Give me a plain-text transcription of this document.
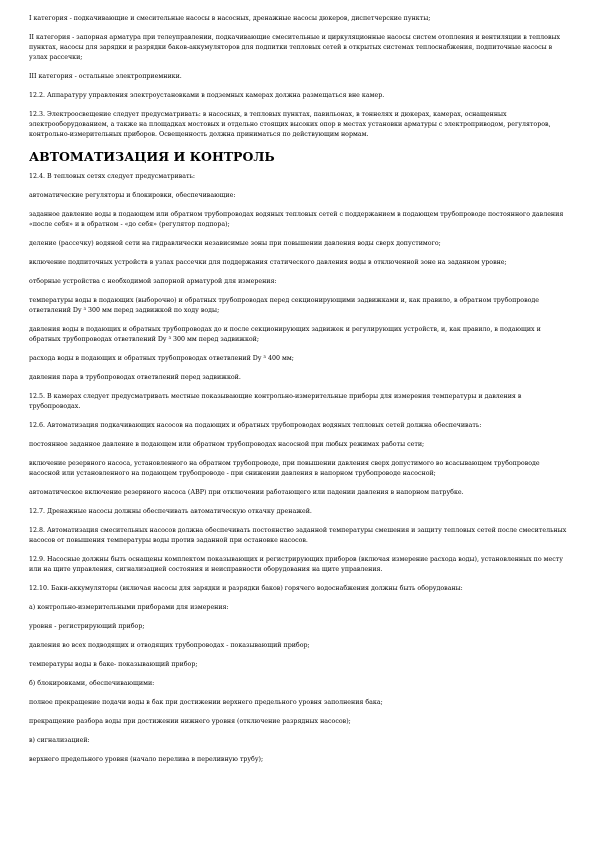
I категория - подкачивающие и смесительные насосы в насосных, дренажные насосы дюкеров, диспетчерские пункты;

II категория - запорная арматура при телеуправлении, подкачивающие смесительные и циркуляционные насосы систем отопления и вентиляции в тепловых пунктах, насосы для зарядки и разрядки баков-аккумуляторов для подпитки тепловых сетей в открытых системах теплоснабжения, подпиточные насосы в узлах рассечки;

III категория - остальные электроприемники.

12.2. Аппаратуру управления электроустановками в подземных камерах должна размещаться вне камер.

12.3. Электроосвещение следует предусматривать: в насосных, в тепловых пунктах, павильонах, в тоннелях и дюкерах, камерах, оснащенных электрооборудованием, а также на площадках мостовых и отдельно стоящих высоких опор в местах установки арматуры с электроприводом, регуляторов, контрольно-измерительных приборов. Освещенность должна приниматься по действующим нормам.

АВТОМАТИЗАЦИЯ И КОНТРОЛЬ

12.4. В тепловых сетях следует предусматривать:

автоматические регуляторы и блокировки, обеспечивающие:

заданное давление воды в подающем или обратном трубопроводах водяных тепловых сетей с поддержанием в подающем трубопроводе постоянного давления «после себя» и в обратном - «до себя» (регулятор подпора);

деление (рассечку) водяной сети на гидравлически независимые зоны при повышении давления воды сверх допустимого;

включение подпиточных устройств в узлах рассечки для поддержания статического давления воды в отключенной зоне на заданном уровне;

отборные устройства с необходимой запорной арматурой для измерения:

температуры воды в подающих (выборочно) и обратных трубопроводах перед секционирующими задвижками и, как правило, в обратном трубопроводе ответвлений Dy ³ 300 мм перед задвижкой по ходу воды;

давления воды в подающих и обратных трубопроводах до и после секционирующих задвижек и регулирующих устройств, и, как правило, в подающих и обратных трубопроводах ответвлений Dy ³ 300 мм перед задвижкой;

расхода воды в подающих и обратных трубопроводах ответвлений Dy ³ 400 мм;

давления пара в трубопроводах ответвлений перед задвижкой.

12.5. В камерах следует предусматривать местные показывающие контрольно-измерительные приборы для измерения температуры и давления в трубопроводах.

12.6. Автоматизация подкачивающих насосов на подающих и обратных трубопроводах водяных тепловых сетей должна обеспечивать:

постоянное заданное давление в подающем или обратном трубопроводах насосной при любых режимах работы сети;

включение резервного насоса, установленного на обратном трубопроводе, при повышении давления сверх допустимого во всасывающем трубопроводе насосной или установленного на подающем трубопроводе - при снижении давления в напорном трубопроводе насосной;

автоматическое включение резервного насоса (АВР) при отключении работающего или падении давления в напорном патрубке.

12.7. Дренажные насосы должны обеспечивать автоматическую откачку дренажей.

12.8. Автоматизация смесительных насосов должна обеспечивать постоянство заданной температуры смешения и защиту тепловых сетей после смесительных насосов от повышения температуры воды против заданной при остановке насосов.

12.9. Насосные должны быть оснащены комплектом показывающих и регистрирующих приборов (включая измерение расхода воды), установленных по месту или на щите управления, сигнализацией состояния и неисправности оборудования на щите управления.

12.10. Баки-аккумуляторы (включая насосы для зарядки и разрядки баков) горячего водоснабжения должны быть оборудованы:

а) контрольно-измерительными приборами для измерения:

уровня - регистрирующий прибор;

давления во всех подводящих и отводящих трубопроводах - показывающий прибор;

температуры воды в баке- показывающий прибор;

б) блокировками, обеспечивающими:

полное прекращение подачи воды в бак при достижении верхнего предельного уровня заполнения бака;

прекращение разбора воды при достижении нижнего уровня (отключение разрядных насосов);

в) сигнализацией:

верхнего предельного уровня (начало перелива в переливную трубу);
